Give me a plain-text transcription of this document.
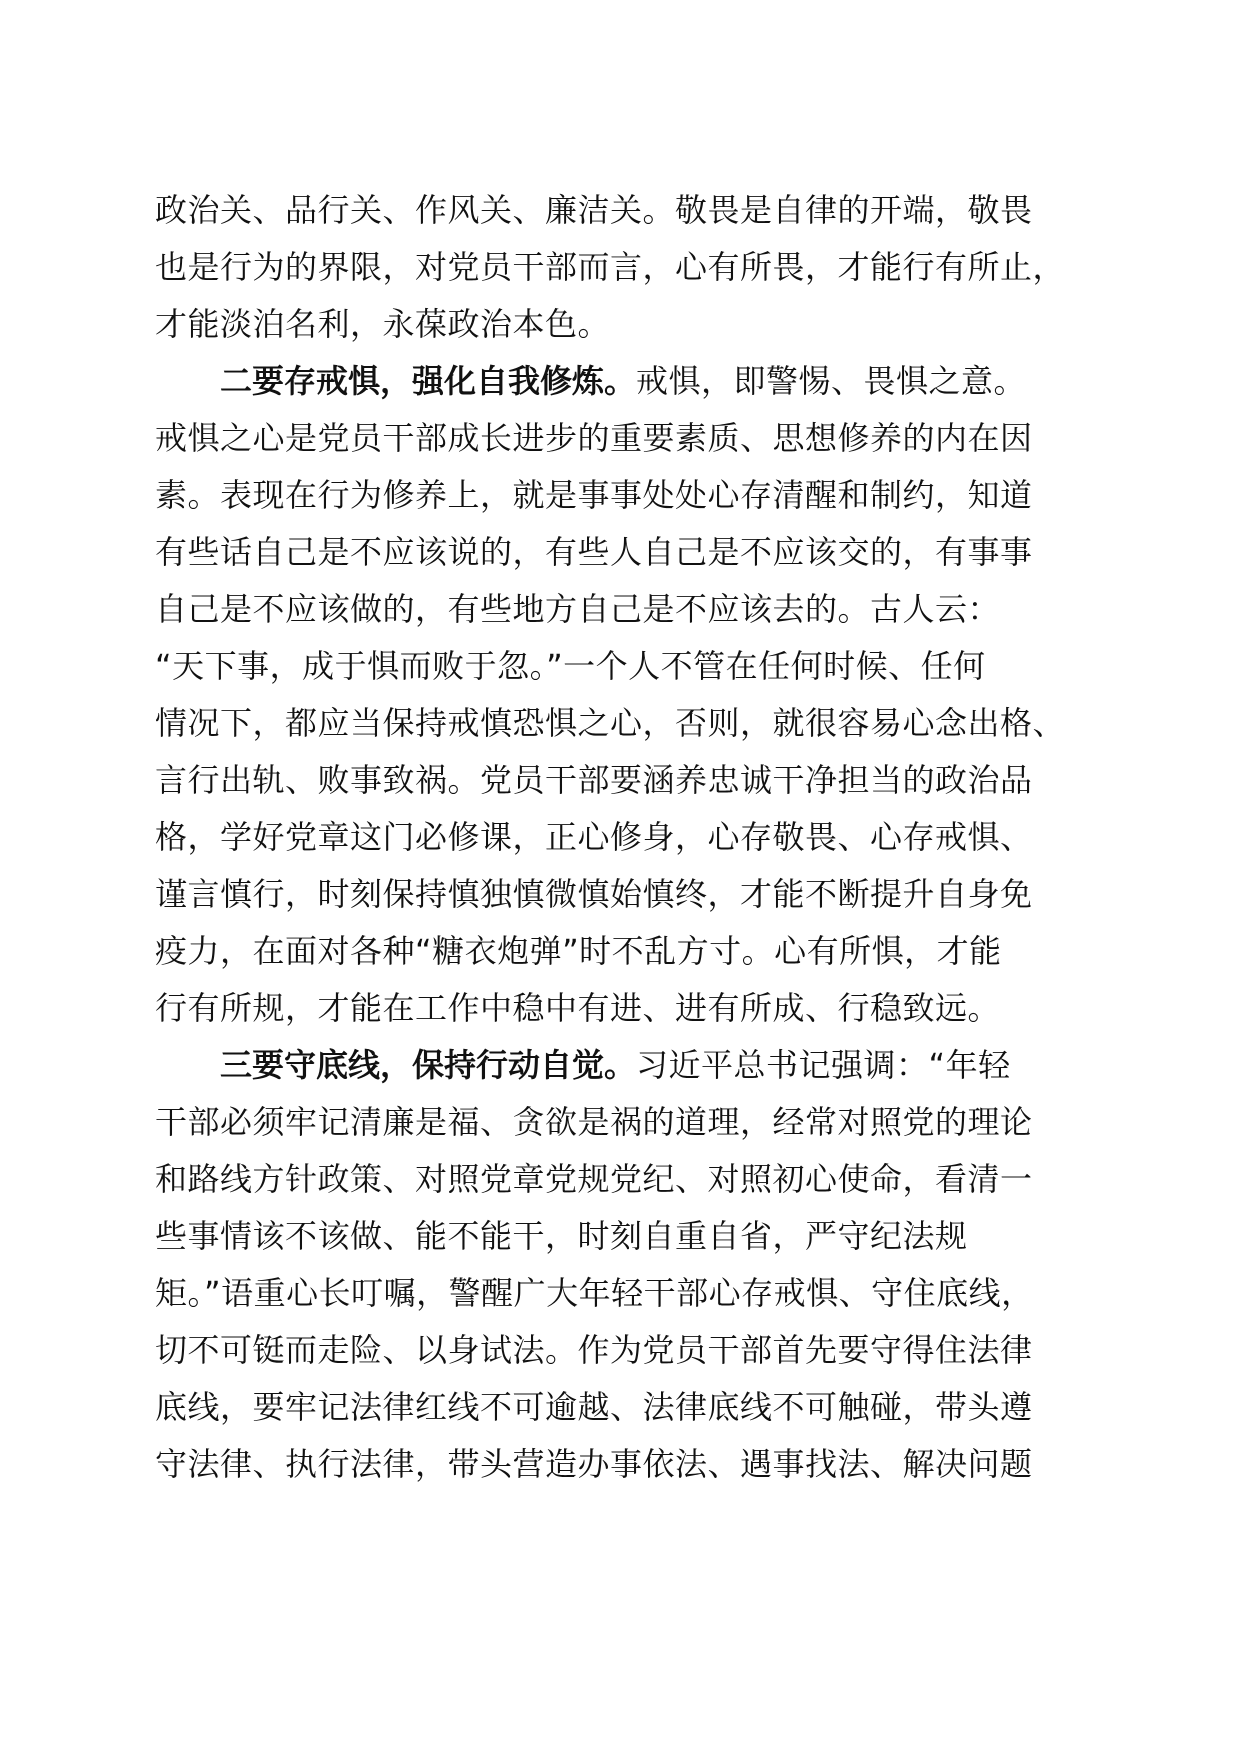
政治关、品行关、作风关、廉洁关。敬畏是自律的开端，敬畏
也是行为的界限，对党员干部而言，心有所畏，才能行有所止，
才能淡泊名利，永葆政治本色。
二要存戒惧，强化自我修炼。戒惧，即警惕、畏惧之意。
戒惧之心是党员干部成长进步的重要素质、思想修养的内在因
素。表现在行为修养上，就是事事处处心存清醒和制约，知道
有些话自己是不应该说的，有些人自己是不应该交的，有事事
自己是不应该做的，有些地方自己是不应该去的。古人云：
“天下事，成于惧而败于忽。”一个人不管在任何时候、任何
情况下，都应当保持戒慎恐惧之心，否则，就很容易心念出格、
言行出轨、败事致祸。党员干部要涵养忠诚干净担当的政治品
格，学好党章这门必修课，正心修身，心存敬畏、心存戒惧、
谨言慎行，时刻保持慎独慎微慎始慎终，才能不断提升自身免
疫力，在面对各种“糖衣炮弹”时不乱方寸。心有所惧，才能
行有所规，才能在工作中稳中有进、进有所成、行稳致远。
三要守底线，保持行动自觉。习近平总书记强调：“年轻
干部必须牢记清廉是福、贪欲是祸的道理，经常对照党的理论
和路线方针政策、对照党章党规党纪、对照初心使命，看清一
些事情该不该做、能不能干，时刻自重自省，严守纪法规
矩。”语重心长叮嘱，警醒广大年轻干部心存戒惧、守住底线，
切不可铤而走险、以身试法。作为党员干部首先要守得住法律
底线，要牢记法律红线不可逾越、法律底线不可触碰，带头遵
守法律、执行法律，带头营造办事依法、遇事找法、解决问题
